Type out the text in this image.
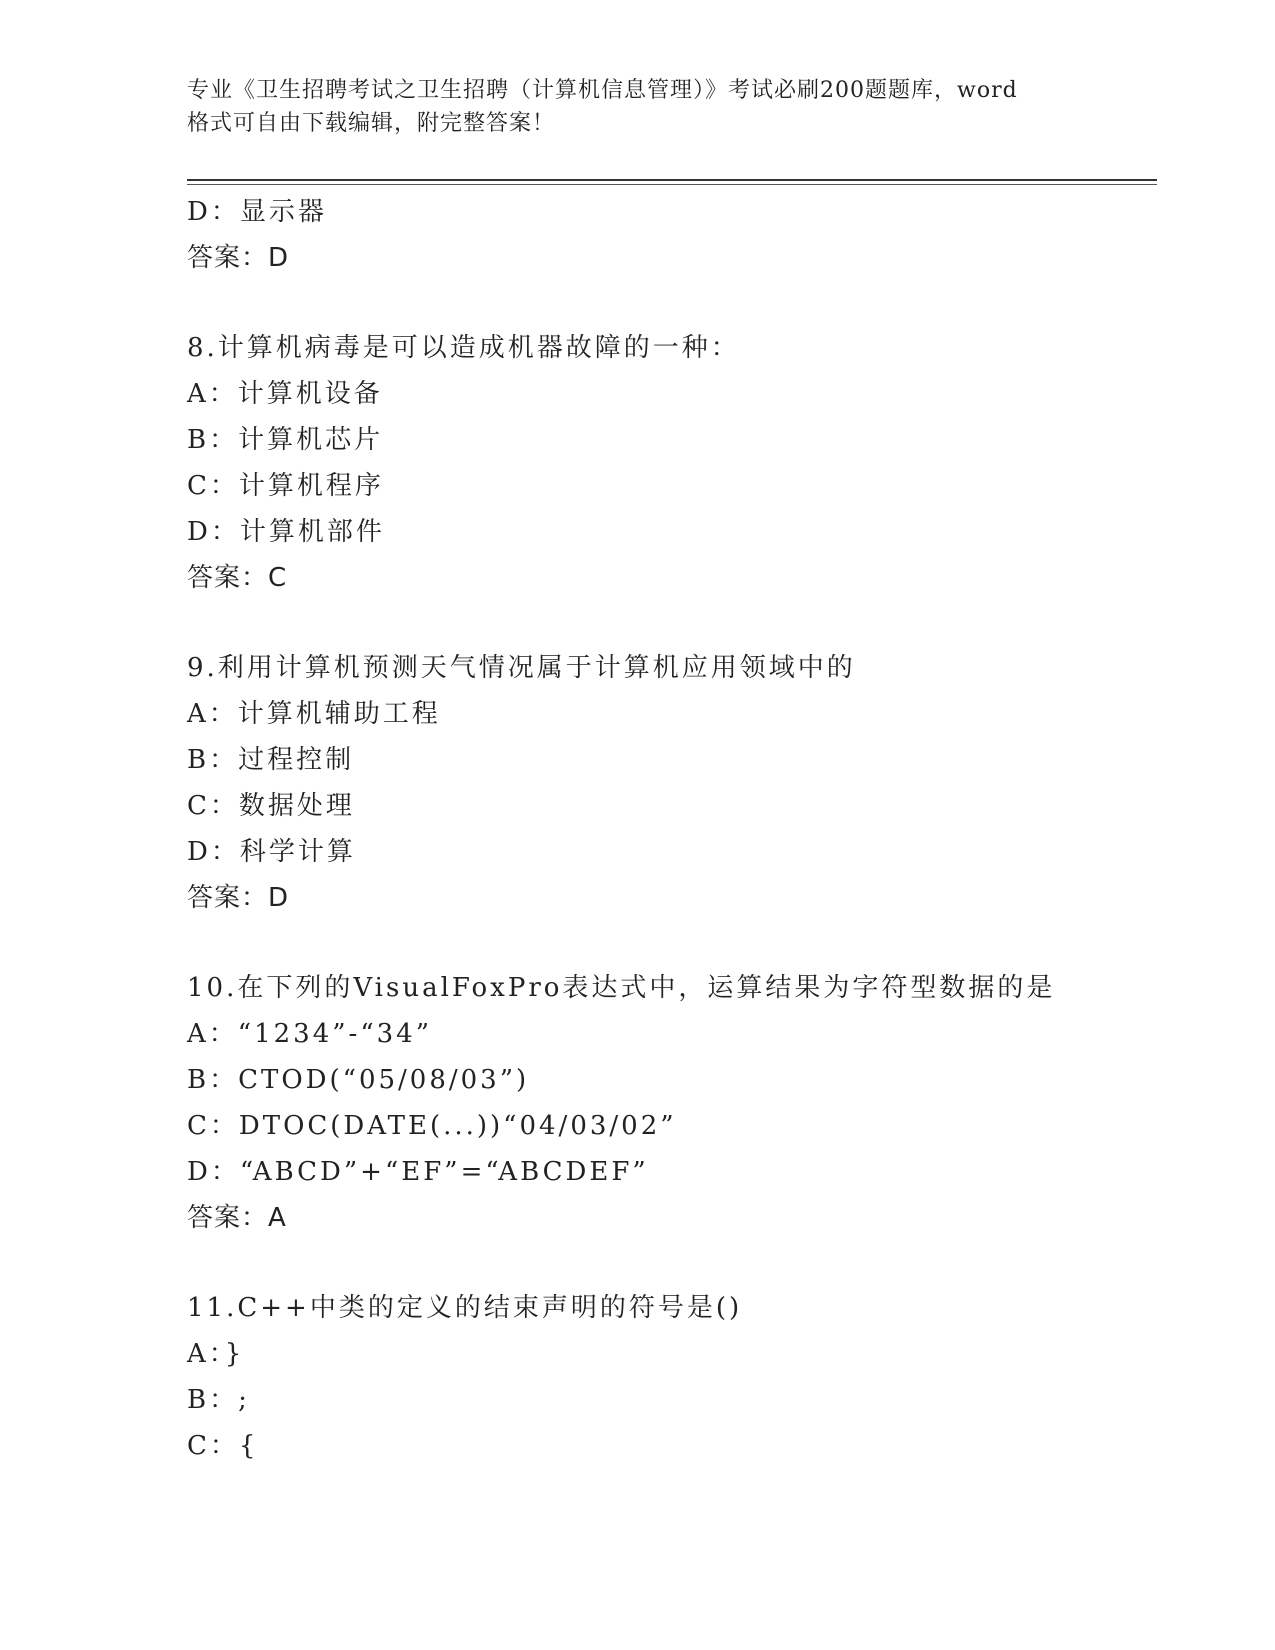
专业《卫生招聘考试之卫生招聘（计算机信息管理）》考试必刷200题题库，word
格式可自由下载编辑，附完整答案！
D：显示器
答案：D
8.计算机病毒是可以造成机器故障的一种：
A：计算机设备
B：计算机芯片
C：计算机程序
D：计算机部件
答案：C
9.利用计算机预测天气情况属于计算机应用领域中的
A：计算机辅助工程
B：过程控制
C：数据处理
D：科学计算
答案：D
10.在下列的VisualFoxPro表达式中，运算结果为字符型数据的是
A：“1234”-“34”
B：CTOD(“05/08/03”)
C：DTOC(DATE(...))“04/03/02”
D：“ABCD”+“EF”=“ABCDEF”
答案：A
11.C++中类的定义的结束声明的符号是()
A：}
B：;
C：{
